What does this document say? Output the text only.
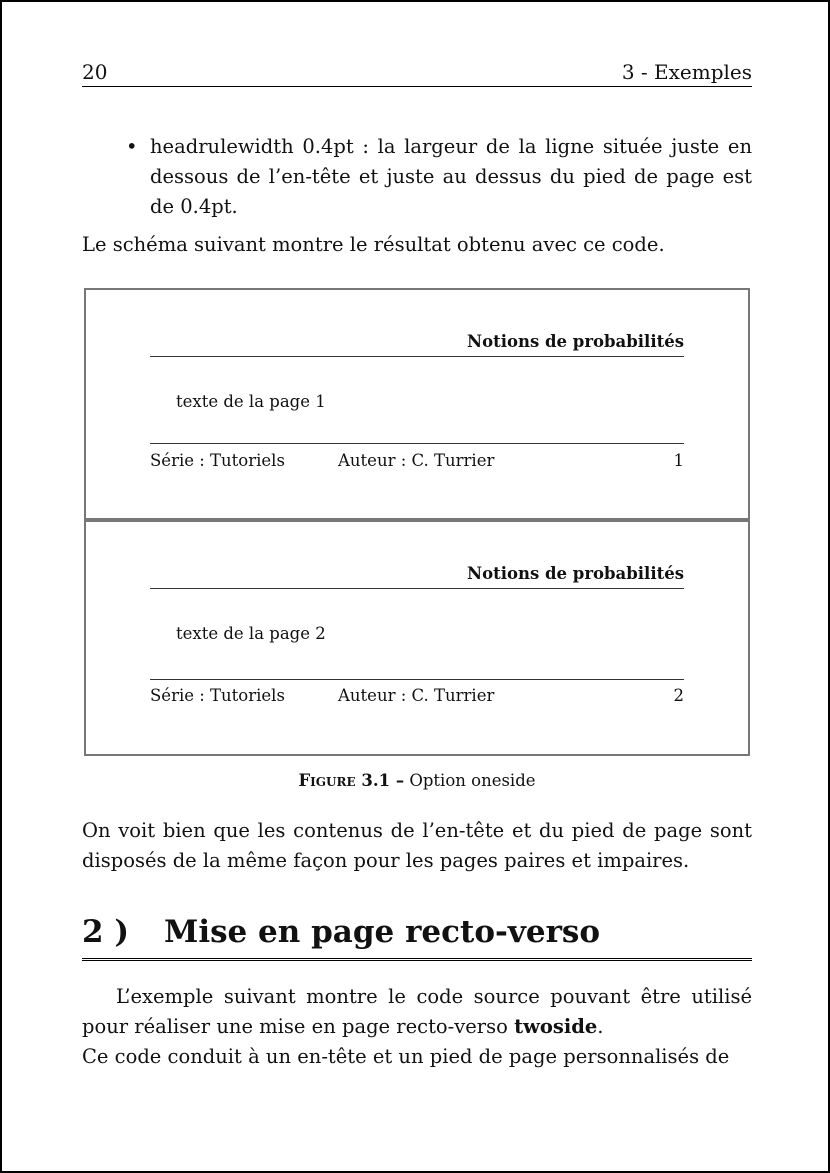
20	3 - Exemples
• headrulewidth 0.4pt : la largeur de la ligne située juste en dessous de l’en-tête et juste au dessus du pied de page est de 0.4pt.
Le schéma suivant montre le résultat obtenu avec ce code.
Notions de probabilités
texte de la page 1
Série : Tutoriels	Auteur : C. Turrier	1
Notions de probabilités
texte de la page 2
Série : Tutoriels	Auteur : C. Turrier	2
Figure 3.1 – Option oneside
On voit bien que les contenus de l’en-tête et du pied de page sont disposés de la même façon pour les pages paires et impaires.
2 ) Mise en page recto-verso
L’exemple suivant montre le code source pouvant être utilisé pour réaliser une mise en page recto-verso twoside.
Ce code conduit à un en-tête et un pied de page personnalisés de
